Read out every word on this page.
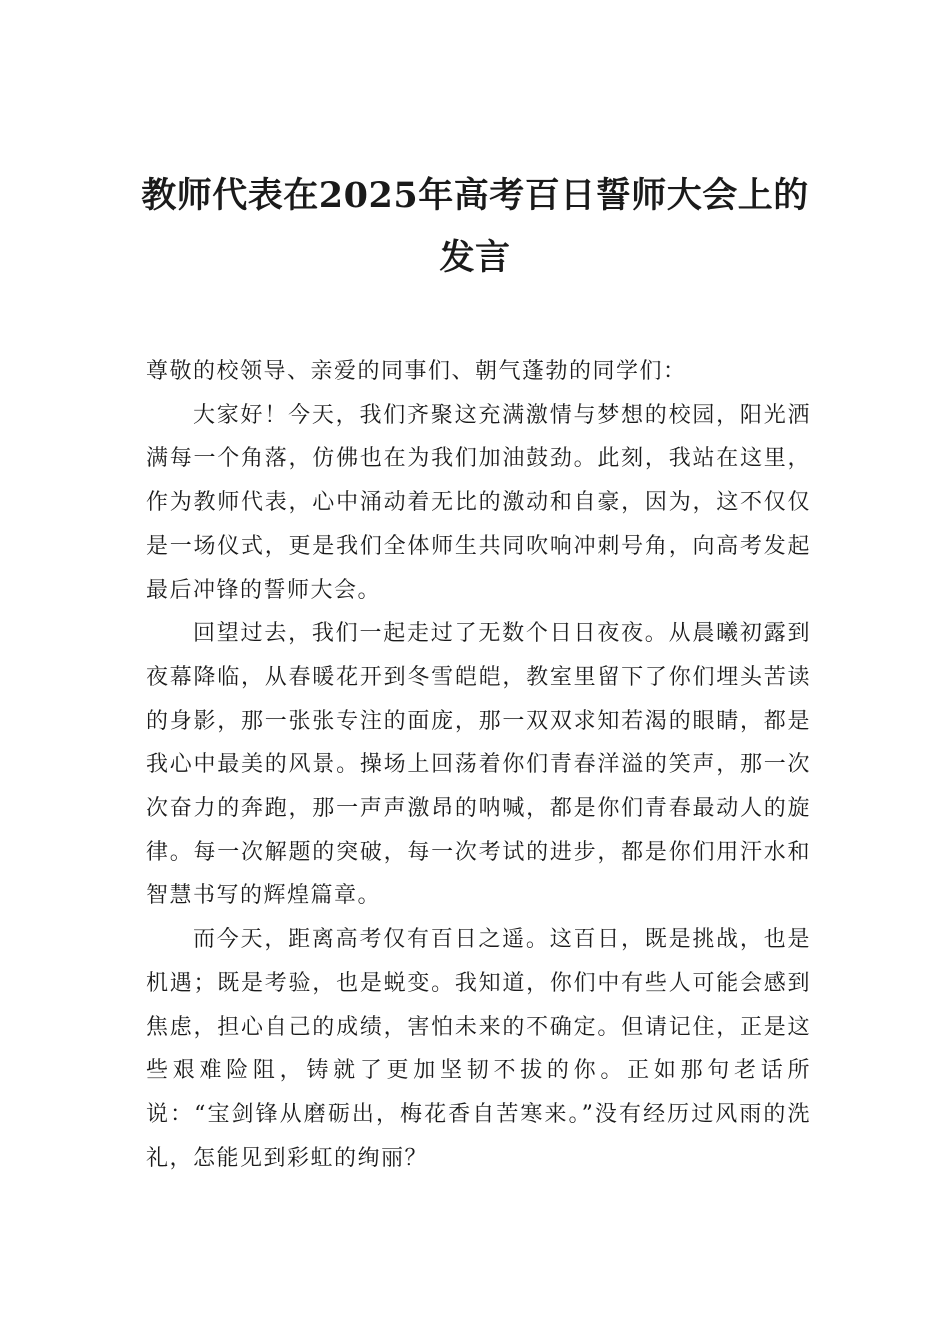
教师代表在2025年高考百日誓师大会上的
发言

尊敬的校领导、亲爱的同事们、朝气蓬勃的同学们：

大家好！今天，我们齐聚这充满激情与梦想的校园，阳光洒满每一个角落，仿佛也在为我们加油鼓劲。此刻，我站在这里，作为教师代表，心中涌动着无比的激动和自豪，因为，这不仅仅是一场仪式，更是我们全体师生共同吹响冲刺号角，向高考发起最后冲锋的誓师大会。

回望过去，我们一起走过了无数个日日夜夜。从晨曦初露到夜幕降临，从春暖花开到冬雪皑皑，教室里留下了你们埋头苦读的身影，那一张张专注的面庞，那一双双求知若渴的眼睛，都是我心中最美的风景。操场上回荡着你们青春洋溢的笑声，那一次次奋力的奔跑，那一声声激昂的呐喊，都是你们青春最动人的旋律。每一次解题的突破，每一次考试的进步，都是你们用汗水和智慧书写的辉煌篇章。

而今天，距离高考仅有百日之遥。这百日，既是挑战，也是机遇；既是考验，也是蜕变。我知道，你们中有些人可能会感到焦虑，担心自己的成绩，害怕未来的不确定。但请记住，正是这些艰难险阻，铸就了更加坚韧不拔的你。正如那句老话所说：“宝剑锋从磨砺出，梅花香自苦寒来。”没有经历过风雨的洗礼，怎能见到彩虹的绚丽？
